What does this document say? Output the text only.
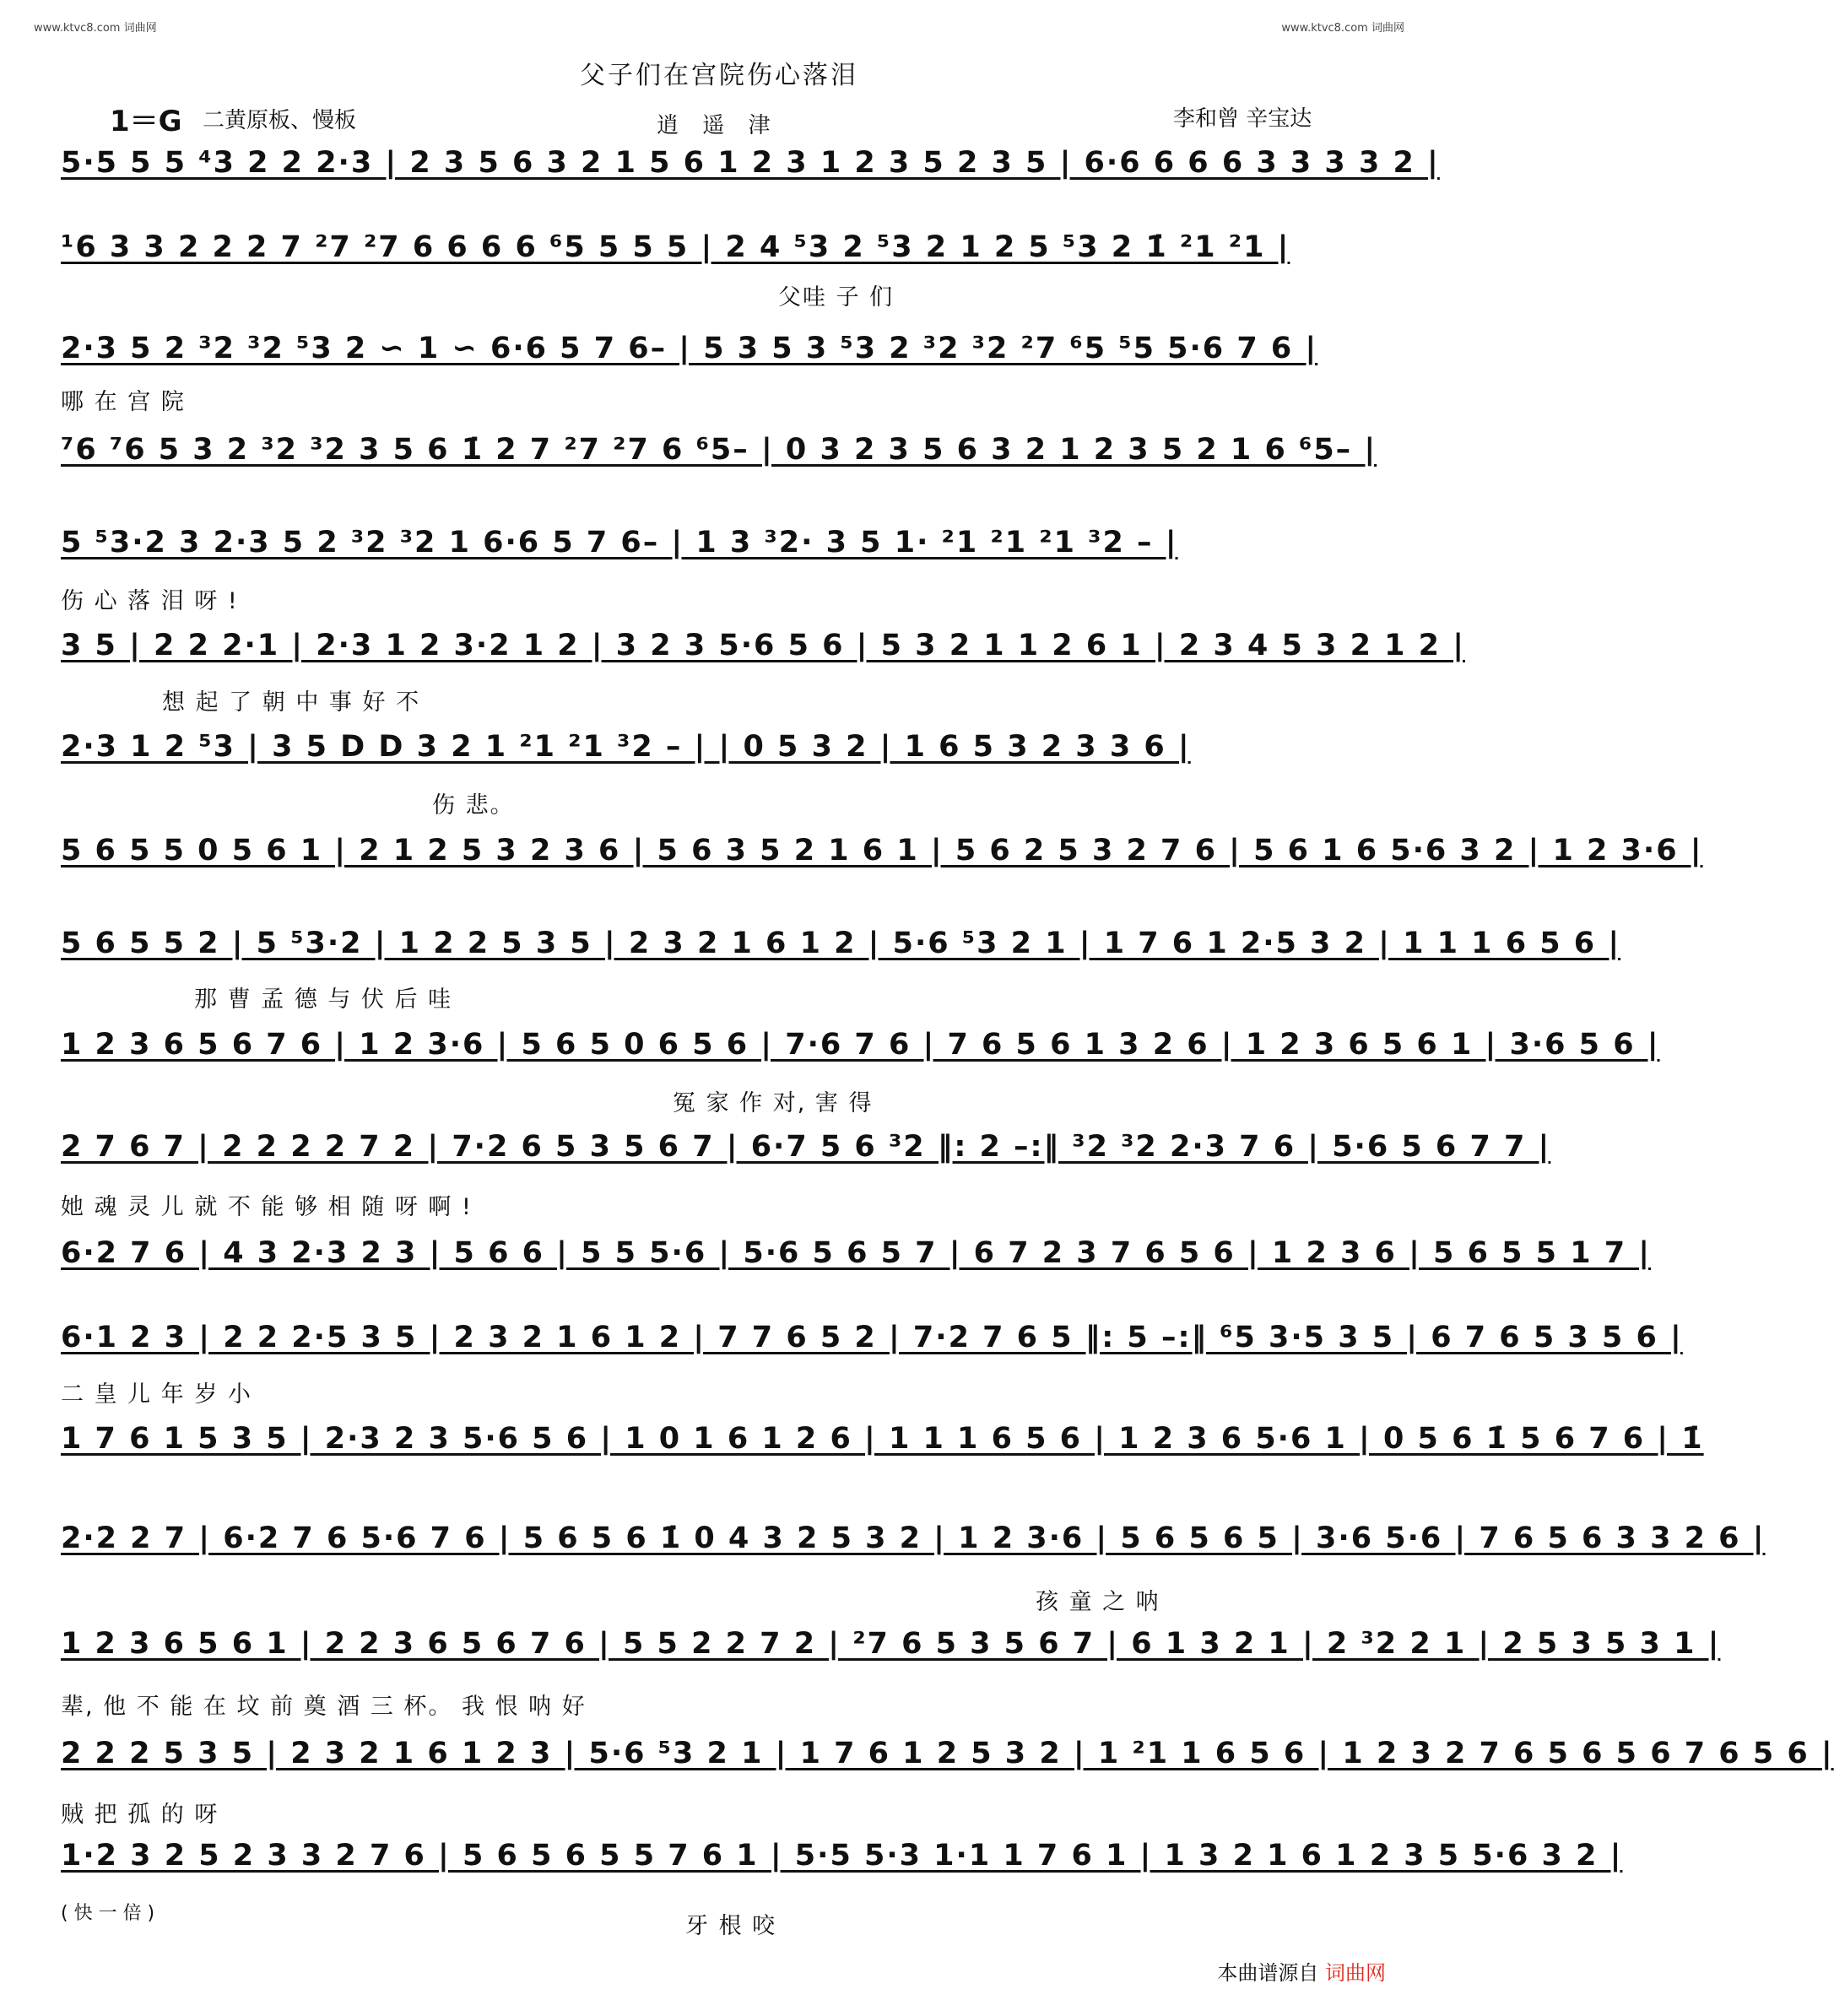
www.ktvc8.com 词曲网	www.ktvc8.com 词曲网
父子们在宫院伤心落泪
1＝G 二黄原板、慢板	逍 遥 津	李和曾 辛宝达
5·5 5 5 ⁴3 2 2 2·3 | 2 3 5 6 3 2 1 5 6 1 2 3 1 2 3 5 2 3 5 | 6·6 6 6 6 3 3 3 3 2 |
¹6 3 3 2 2 2 7 ²7 ²7 6 6 6 6 ⁶5 5 5 5 | 2 4 ⁵3 2 ⁵3 2 1 2 5 ⁵3 2 1̇ ²1 ²1 |
父哇 子 们
2·3 5 2 ³2 ³2 ⁵3 2 ∽ 1 ∽ 6·6 5 7 6– | 5 3 5 3 ⁵3 2 ³2 ³2 ²7 ⁶5 ⁵5 5·6 7 6 |
哪 在 宫 院
⁷6 ⁷6 5 3 2 ³2 ³2 3 5 6 1̇ 2 7 ²7 ²7 6 ⁶5– | 0 3 2 3 5 6 3 2 1 2 3 5 2 1 6 ⁶5– |
5 ⁵3·2 3 2·3 5 2 ³2 ³2 1 6·6 5 7 6– | 1 3 ³2· 3 5 1· ²1 ²1 ²1 ³2 – |
伤 心 落 泪 呀 !
3 5 | 2 2 2·1 | 2·3 1 2 3·2 1 2 | 3 2 3 5·6 5 6 | 5 3 2 1 1 2 6 1 | 2 3 4 5 3 2 1 2 |
想 起 了 朝 中 事 好 不
2·3 1 2 ⁵3 | 3 5 D D 3 2 1 ²1 ²1 ³2 – | | 0 5 3 2 | 1 6 5 3 2 3 3 6 |
伤 悲。
5 6 5 5 0 5 6 1 | 2 1 2 5 3 2 3 6 | 5 6 3 5 2 1 6 1 | 5 6 2 5 3 2 7 6 | 5 6 1 6 5·6 3 2 | 1 2 3·6 |
5 6 5 5 2 | 5 ⁵3·2 | 1 2 2 5 3 5 | 2 3 2 1 6 1 2 | 5·6 ⁵3 2 1 | 1 7 6 1 2·5 3 2 | 1 1 1 6 5 6 |
那 曹 孟 德 与 伏 后 哇
1 2 3 6 5 6 7 6 | 1 2 3·6 | 5 6 5 0 6 5 6 | 7·6 7 6 | 7 6 5 6 1 3 2 6 | 1 2 3 6 5 6 1 | 3·6 5 6 |
冤 家 作 对, 害 得
2 7 6 7 | 2 2 2 2 7 2 | 7·2 6 5 3 5 6 7 | 6·7 5 6 ³2 ‖: 2 –:‖ ³2 ³2 2·3 7 6 | 5·6 5 6 7 7 |
她 魂 灵 儿 就 不 能 够 相 随 呀 啊 !
6·2 7 6 | 4 3 2·3 2 3 | 5 6 6 | 5 5 5·6 | 5·6 5 6 5 7 | 6 7 2 3 7 6 5 6 | 1 2 3 6 | 5 6 5 5 1 7 |
6·1 2 3 | 2 2 2·5 3 5 | 2 3 2 1 6 1 2 | 7 7 6 5 2 | 7·2 7 6 5 ‖: 5 –:‖ ⁶5 3·5 3 5 | 6 7 6 5 3 5 6 |
二 皇 儿 年 岁 小
1 7 6 1 5 3 5 | 2·3 2 3 5·6 5 6 | 1 0 1 6 1 2 6 | 1 1 1 6 5 6 | 1 2 3 6 5·6 1 | 0 5 6 1̇ 5 6 7 6 | 1̇
2·2 2 7 | 6·2 7 6 5·6 7 6 | 5 6 5 6 1̇ 0 4 3 2 5 3 2 | 1 2 3·6 | 5 6 5 6 5 | 3·6 5·6 | 7 6 5 6 3 3 2 6 |
孩 童 之 呐
1 2 3 6 5 6 1 | 2 2 3 6 5 6 7 6 | 5 5 2 2 7 2 | ²7 6 5 3 5 6 7 | 6 1 3 2 1 | 2 ³2 2 1 | 2 5 3 5 3 1 |
辈, 他 不 能 在 坟 前 奠 酒 三 杯。 我 恨 呐 好
2 2 2 5 3 5 | 2 3 2 1 6 1 2 3 | 5·6 ⁵3 2 1 | 1 7 6 1 2 5 3 2 | 1 ²1 1 6 5 6 | 1 2 3 2 7 6 5 6 5 6 7 6 5 6 |
贼 把 孤 的 呀
1·2 3 2 5 2 3 3 2 7 6 | 5 6 5 6 5 5 7 6 1 | 5·5 5·3 1·1 1 7 6 1 | 1 3 2 1 6 1 2 3 5 5·6 3 2 |
牙 根 咬
( 快 一 倍 )
本曲谱源自 词曲网
